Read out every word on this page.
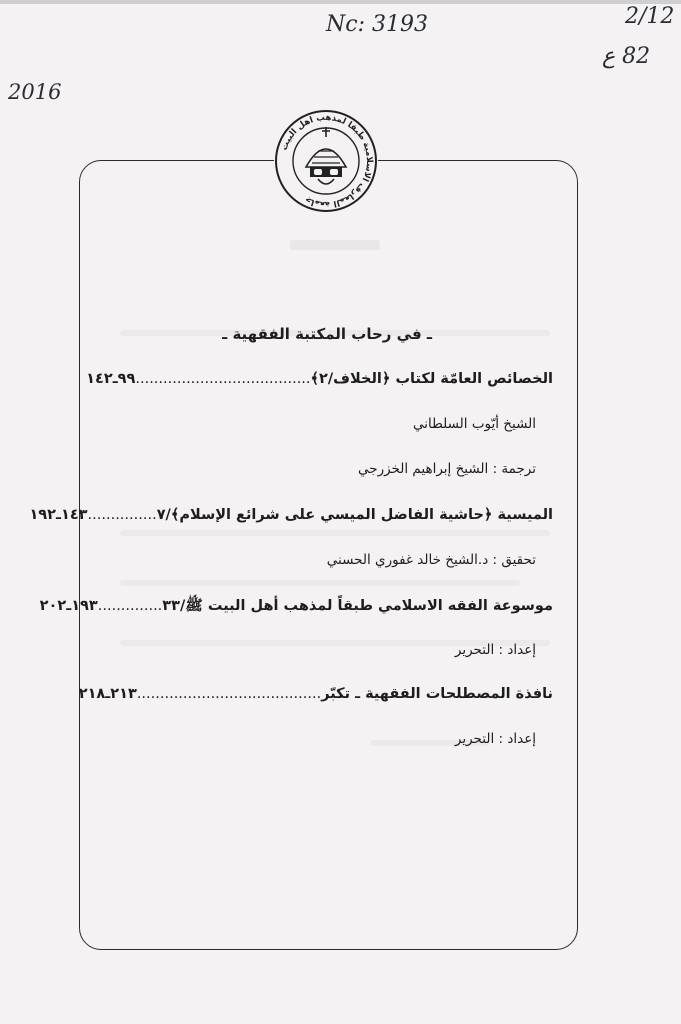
Nc: 3193	2/12
82 ع
2016
جامعة المعارف الاسلامية طبقا لمذهب اهل البيت
ـ في رحاب المكتبة الفقهية ـ
الخصائص العامّة لكتاب ﴿الخلاف/٢﴾......................................٩٩ـ١٤٢
الشيخ أيّوب السلطاني
ترجمة : الشيخ إبراهيم الخزرجي
الميسية ﴿حاشية الفاضل الميسي على شرائع الإسلام﴾/٧...............١٤٣ـ١٩٢
تحقيق : د.الشيخ خالد غفوري الحسني
موسوعة الفقه الاسلامي طبقاً لمذهب أهل البيت ﷺ/٣٣..............١٩٣ـ٢٠٢
إعداد : التحرير
نافذة المصطلحات الفقهية ـ تكبّر........................................٢١٣ـ٢١٨
إعداد : التحرير
